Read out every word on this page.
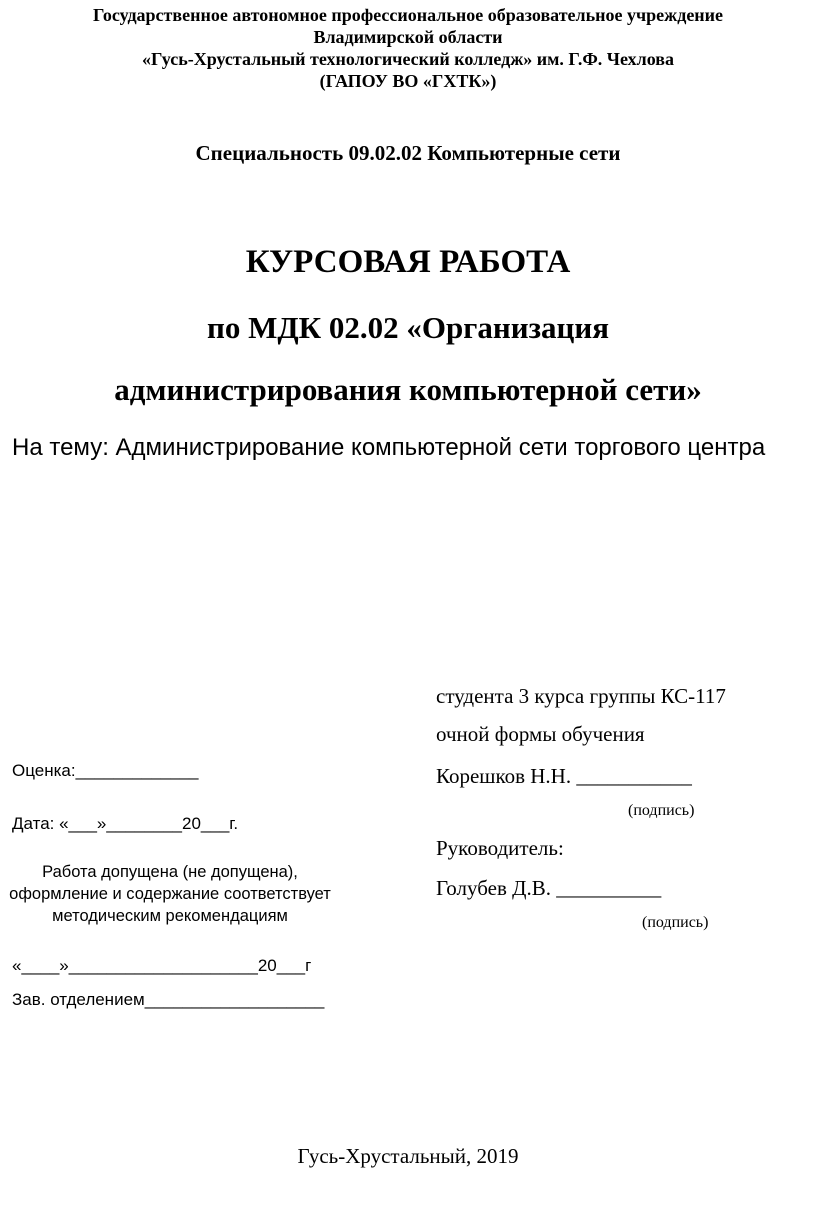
Государственное автономное профессиональное образовательное учреждение
Владимирской области
«Гусь-Хрустальный технологический колледж» им. Г.Ф. Чехлова
(ГАПОУ ВО «ГХТК»)
Специальность 09.02.02 Компьютерные сети
КУРСОВАЯ РАБОТА
по МДК 02.02 «Организация
администрирования компьютерной сети»
На тему: Администрирование компьютерной сети торгового центра
студента 3 курса группы КС-117
очной формы обучения
Корешков Н.Н. ___________
(подпись)
Руководитель:
Голубев Д.В. __________
(подпись)
Оценка:_____________
Дата: «___»________20___г.
Работа допущена (не допущена), оформление и содержание соответствует методическим рекомендациям
«____»____________________20___г
Зав. отделением___________________
Гусь-Хрустальный, 2019
